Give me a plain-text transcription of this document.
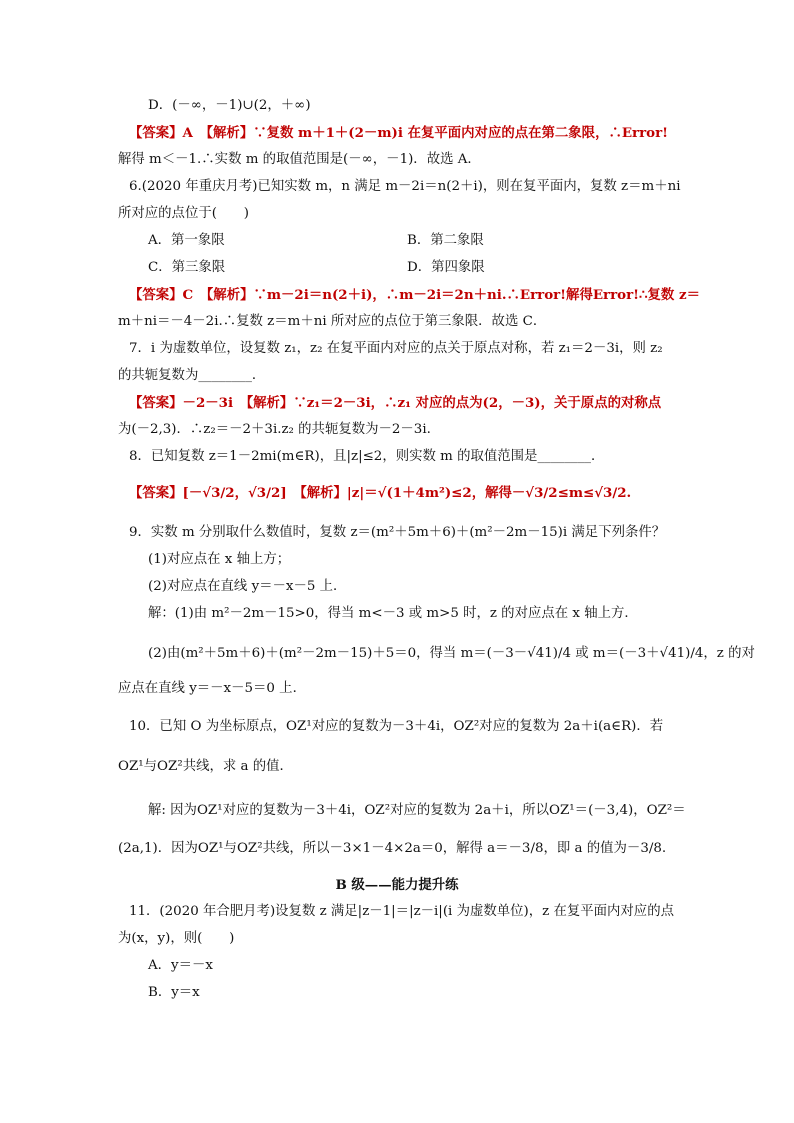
D．(－∞，－1)∪(2，＋∞)
【答案】A　【解析】∵复数 m＋1＋(2－m)i 在复平面内对应的点在第二象限，∴Error!
解得 m＜－1.∴实数 m 的取值范围是(－∞，－1)．故选 A．
6.(2020 年重庆月考)已知实数 m，n 满足 m－2i＝n(2＋i)，则在复平面内，复数 z＝m＋ni
所对应的点位于(　　)
A．第一象限	B．第二象限
C．第三象限	D．第四象限
【答案】C　【解析】∵m－2i＝n(2＋i)，∴m－2i＝2n＋ni.∴Error!解得Error!∴复数 z＝
m＋ni＝－4－2i.∴复数 z＝m＋ni 所对应的点位于第三象限．故选 C．
7．i 为虚数单位，设复数 z₁，z₂ 在复平面内对应的点关于原点对称，若 z₁＝2－3i，则 z₂
的共轭复数为________．
【答案】－2－3i　【解析】∵z₁＝2－3i，∴z₁ 对应的点为(2，－3)，关于原点的对称点
为(－2,3)．∴z₂＝－2＋3i.z₂ 的共轭复数为－2－3i.
8．已知复数 z＝1－2mi(m∈R)，且|z|≤2，则实数 m 的取值范围是________．
【答案】[－√3/2，√3/2]　【解析】|z|＝√(1＋4m²)≤2，解得－√3/2≤m≤√3/2.
9．实数 m 分别取什么数值时，复数 z＝(m²＋5m＋6)＋(m²－2m－15)i 满足下列条件？
(1)对应点在 x 轴上方；
(2)对应点在直线 y＝－x－5 上．
解：(1)由 m²－2m－15>0，得当 m<－3 或 m>5 时，z 的对应点在 x 轴上方．
(2)由(m²＋5m＋6)＋(m²－2m－15)＋5＝0，得当 m＝(－3－√41)/4 或 m＝(－3＋√41)/4，z 的对
应点在直线 y＝－x－5＝0 上．
10．已知 O 为坐标原点，OZ¹对应的复数为－3＋4i，OZ²对应的复数为 2a＋i(a∈R)．若
OZ¹与OZ²共线，求 a 的值．
解: 因为OZ¹对应的复数为－3＋4i，OZ²对应的复数为 2a＋i，所以OZ¹＝(－3,4)，OZ²＝
(2a,1)．因为OZ¹与OZ²共线，所以－3×1－4×2a＝0，解得 a＝－3/8，即 a 的值为－3/8.
B 级——能力提升练
11．(2020 年合肥月考)设复数 z 满足|z－1|＝|z－i|(i 为虚数单位)，z 在复平面内对应的点
为(x，y)，则(　　)
A．y＝－x
B．y＝x
